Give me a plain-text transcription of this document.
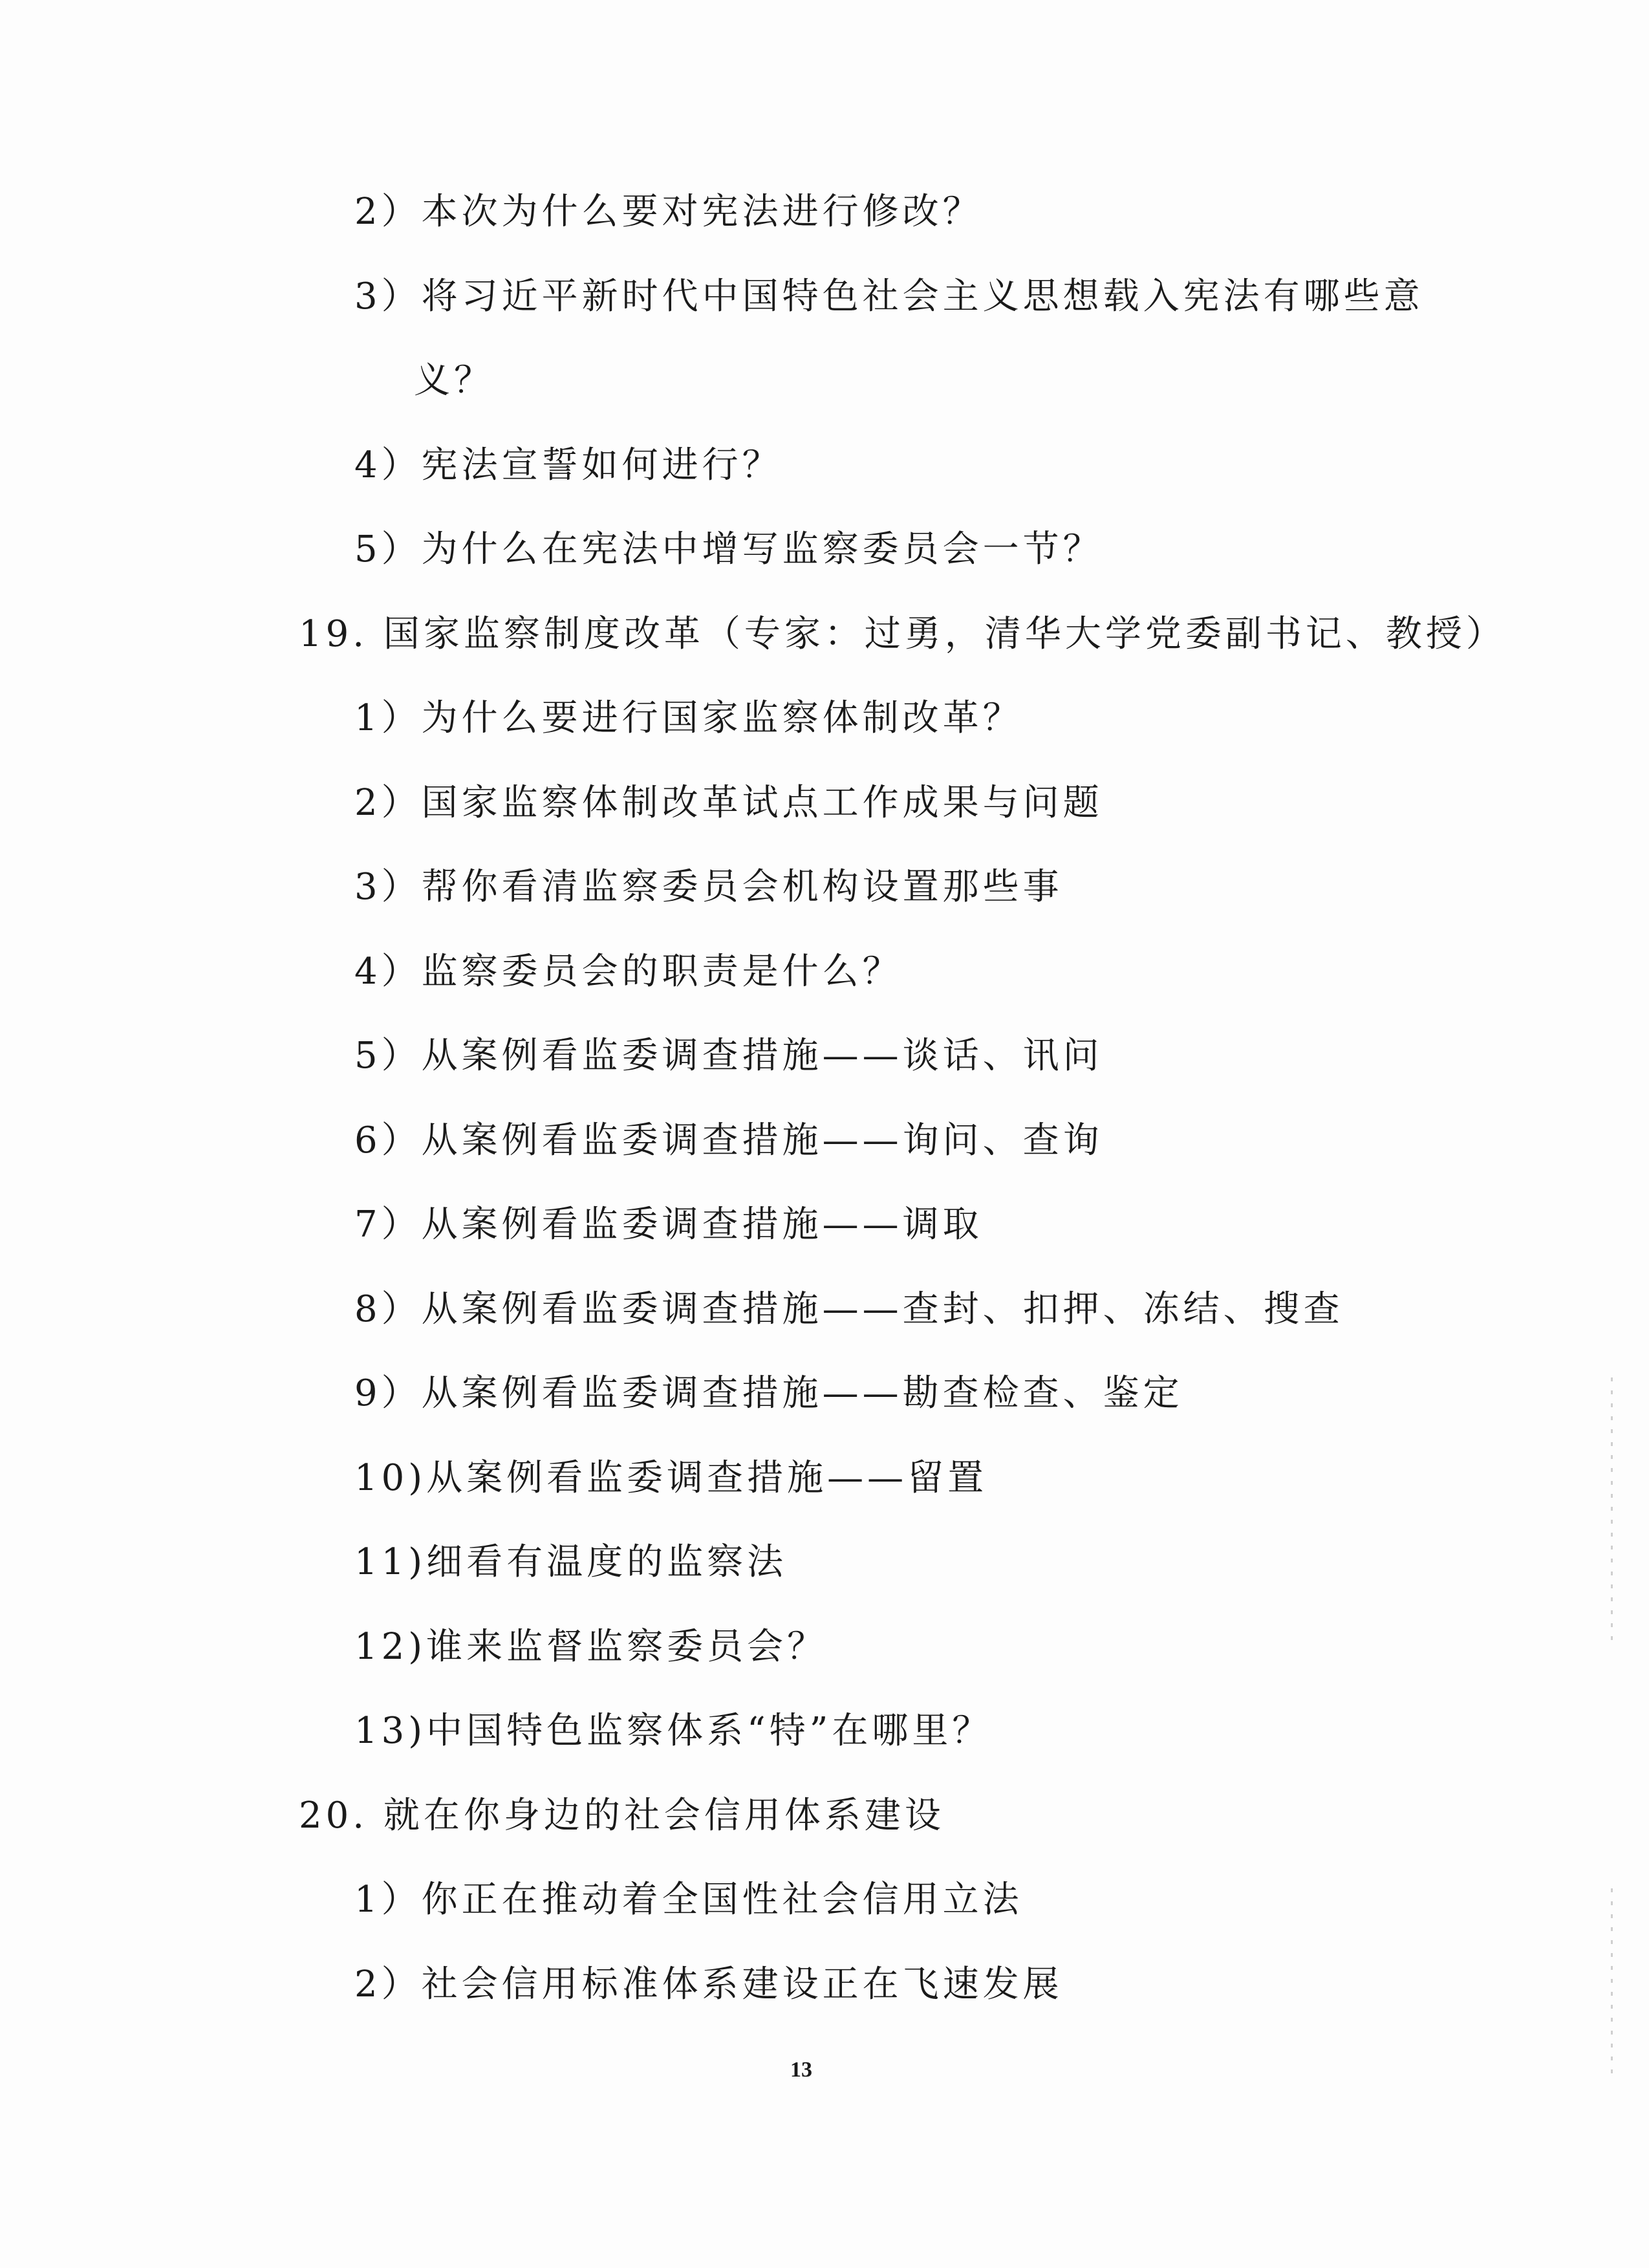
2）本次为什么要对宪法进行修改？
3）将习近平新时代中国特色社会主义思想载入宪法有哪些意
义？
4）宪法宣誓如何进行？
5）为什么在宪法中增写监察委员会一节？
19. 国家监察制度改革（专家：过勇，清华大学党委副书记、教授）
1）为什么要进行国家监察体制改革？
2）国家监察体制改革试点工作成果与问题
3）帮你看清监察委员会机构设置那些事
4）监察委员会的职责是什么？
5）从案例看监委调查措施——谈话、讯问
6）从案例看监委调查措施——询问、查询
7）从案例看监委调查措施——调取
8）从案例看监委调查措施——查封、扣押、冻结、搜查
9）从案例看监委调查措施——勘查检查、鉴定
10)从案例看监委调查措施——留置
11)细看有温度的监察法
12)谁来监督监察委员会？
13)中国特色监察体系“特”在哪里？
20. 就在你身边的社会信用体系建设
1）你正在推动着全国性社会信用立法
2）社会信用标准体系建设正在飞速发展
13
